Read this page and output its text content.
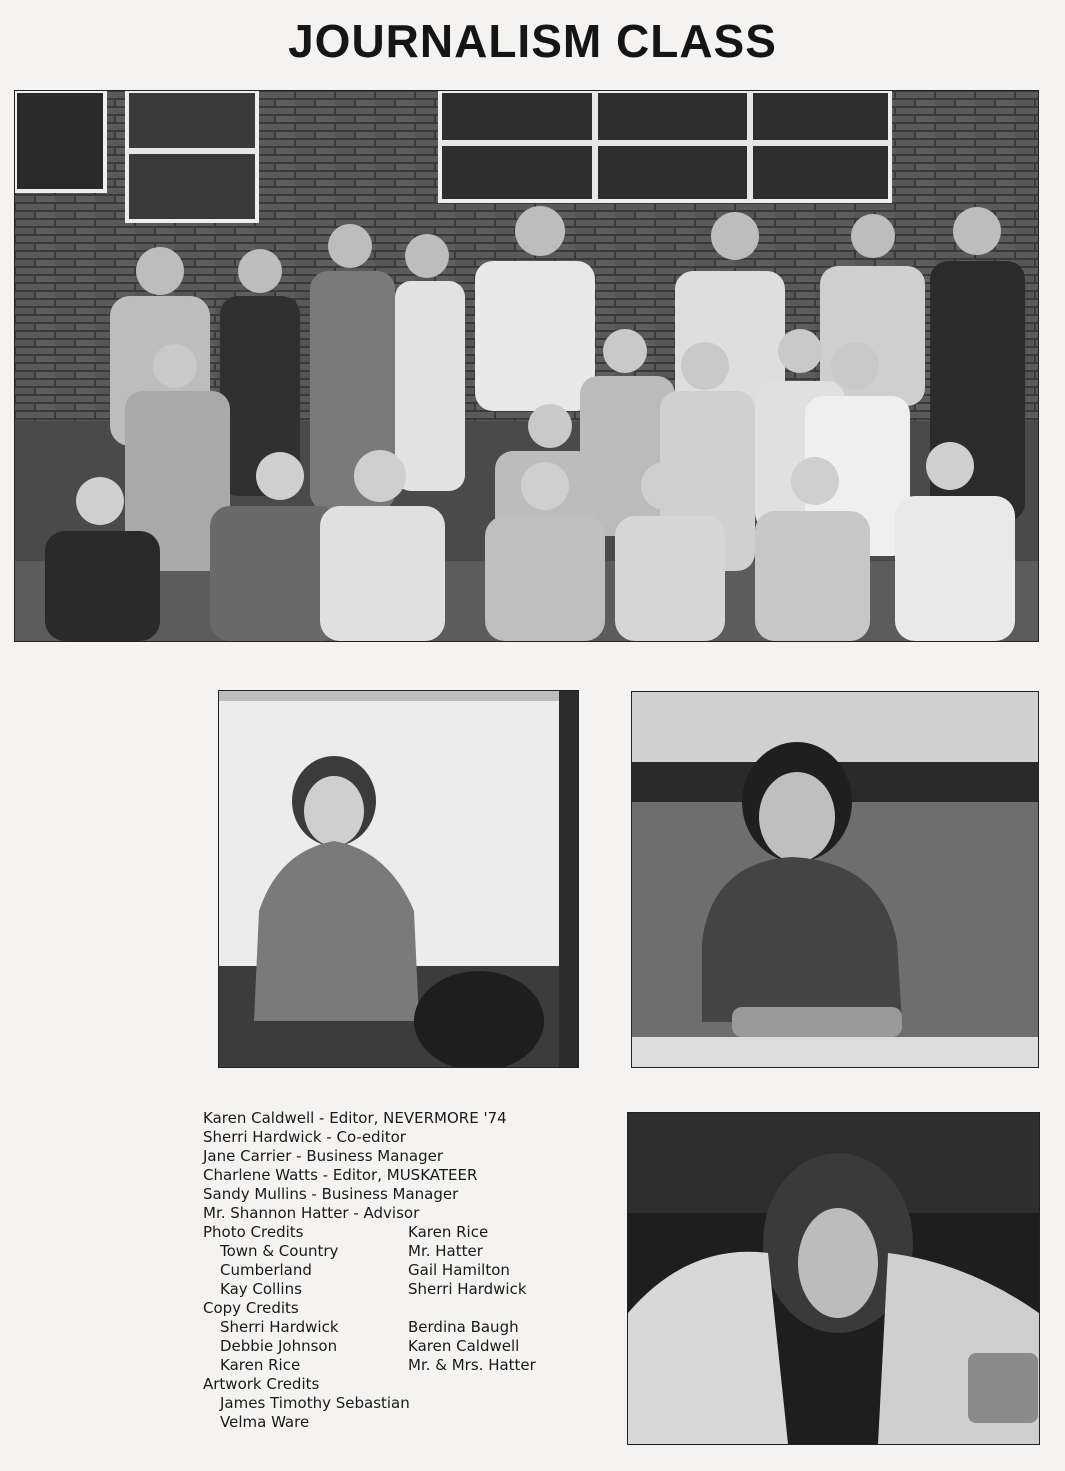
JOURNALISM CLASS
Karen Caldwell - Editor, NEVERMORE '74
Sherri Hardwick - Co-editor
Jane Carrier - Business Manager
Charlene Watts - Editor, MUSKATEER
Sandy Mullins - Business Manager
Mr. Shannon Hatter - Advisor
Photo Credits	Karen Rice
Town & Country	Mr. Hatter
Cumberland	Gail Hamilton
Kay Collins	Sherri Hardwick
Copy Credits
Sherri Hardwick	Berdina Baugh
Debbie Johnson	Karen Caldwell
Karen Rice	Mr. & Mrs. Hatter
Artwork Credits
James Timothy Sebastian
Velma Ware
